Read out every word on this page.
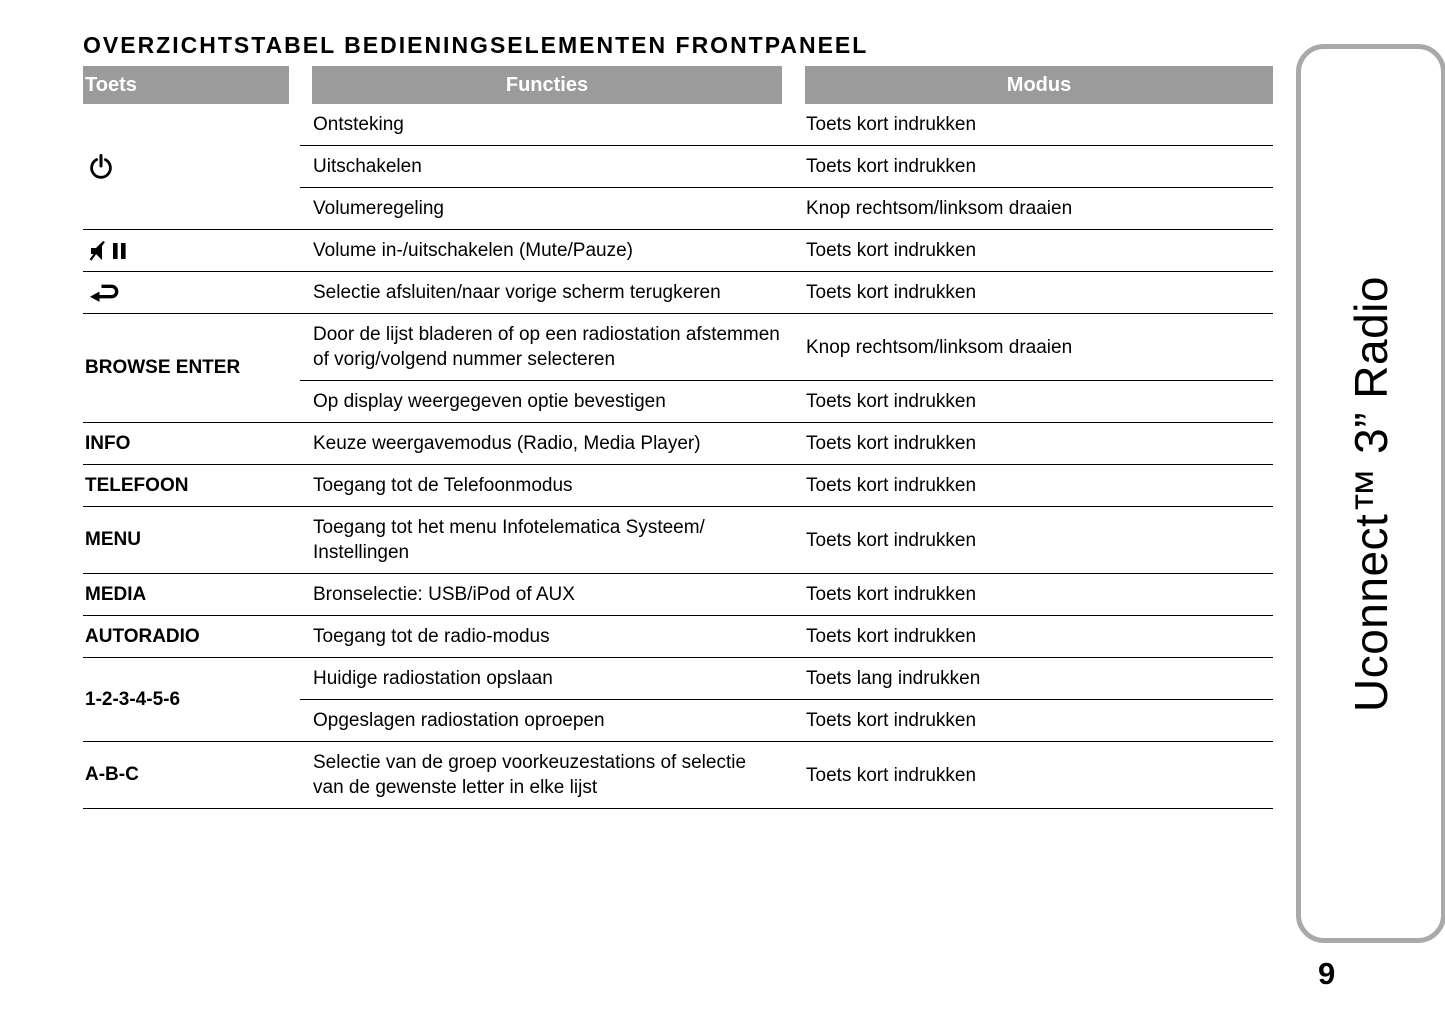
OVERZICHTSTABEL BEDIENINGSELEMENTEN FRONTPANEEL
Toets	Functies	Modus

	Ontsteking	Toets kort indrukken
	Uitschakelen	Toets kort indrukken
	Volumeregeling	Knop rechtsom/linksom draaien

	Volume in-/uitschakelen (Mute/Pauze)	Toets kort indrukken

	Selectie afsluiten/naar vorige scherm terugkeren	Toets kort indrukken
BROWSE ENTER	Door de lijst bladeren of op een radiostation afstemmen of vorig/volgend nummer selecteren	Knop rechtsom/linksom draaien
	Op display weergegeven optie bevestigen	Toets kort indrukken
INFO	Keuze weergavemodus (Radio, Media Player)	Toets kort indrukken
TELEFOON	Toegang tot de Telefoonmodus	Toets kort indrukken
MENU	Toegang tot het menu Infotelematica Systeem/ Instellingen	Toets kort indrukken
MEDIA	Bronselectie: USB/iPod of AUX	Toets kort indrukken
AUTORADIO	Toegang tot de radio-modus	Toets kort indrukken
1-2-3-4-5-6	Huidige radiostation opslaan	Toets lang indrukken
	Opgeslagen radiostation oproepen	Toets kort indrukken
A-B-C	Selectie van de groep voorkeuzestations of selectie van de gewenste letter in elke lijst	Toets kort indrukken
Uconnect™ 3” Radio
9
